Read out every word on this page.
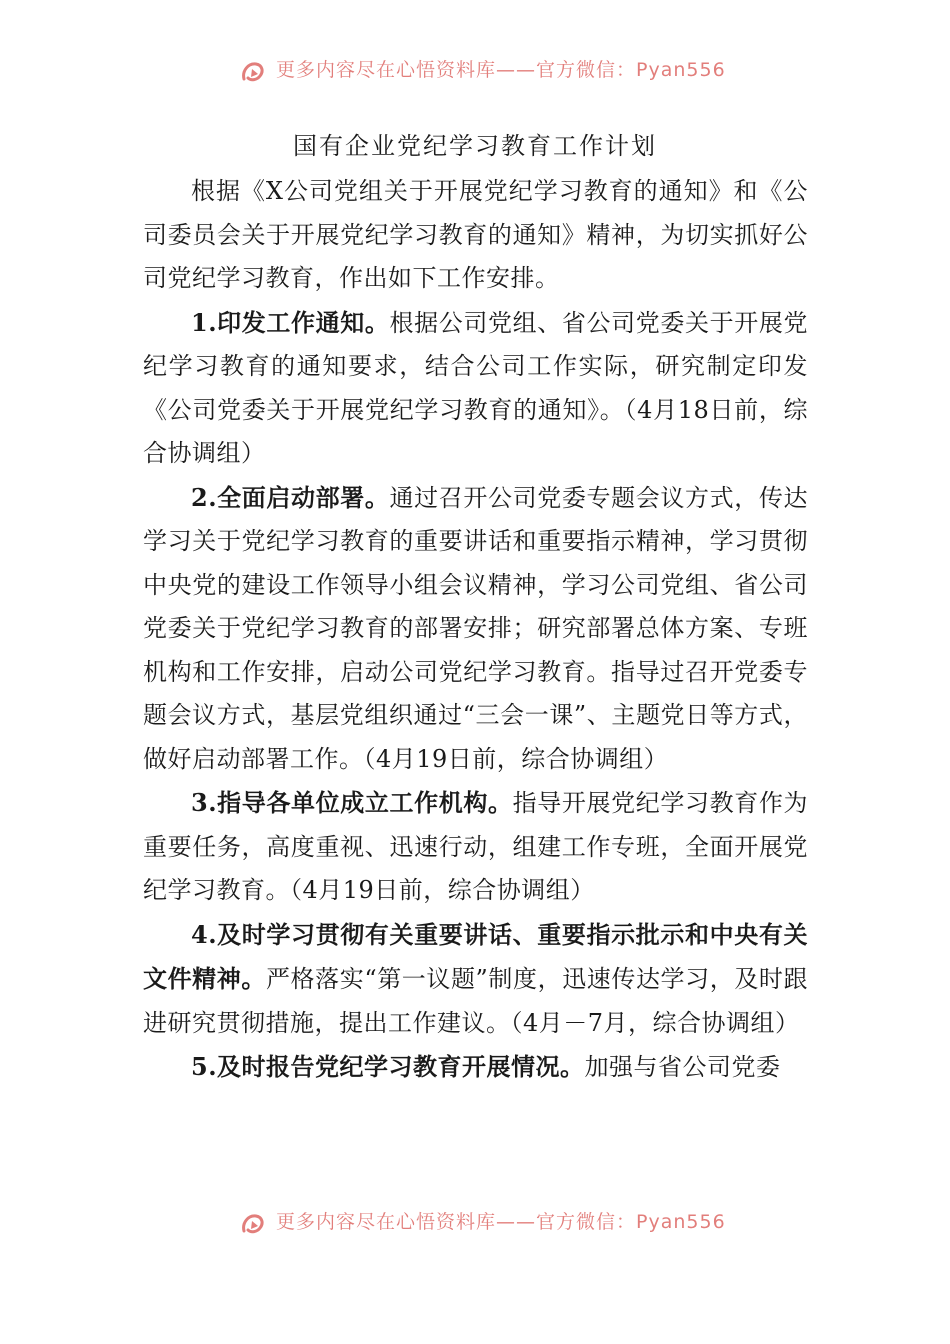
更多内容尽在心悟资料库——官方微信：Pyan556
国有企业党纪学习教育工作计划

根据《X公司党组关于开展党纪学习教育的通知》和《公司委员会关于开展党纪学习教育的通知》精神，为切实抓好公司党纪学习教育，作出如下工作安排。

1.印发工作通知。根据公司党组、省公司党委关于开展党纪学习教育的通知要求，结合公司工作实际，研究制定印发《公司党委关于开展党纪学习教育的通知》。（4月18日前，综合协调组）

2.全面启动部署。通过召开公司党委专题会议方式，传达学习关于党纪学习教育的重要讲话和重要指示精神，学习贯彻中央党的建设工作领导小组会议精神，学习公司党组、省公司党委关于党纪学习教育的部署安排；研究部署总体方案、专班机构和工作安排，启动公司党纪学习教育。指导过召开党委专题会议方式，基层党组织通过“三会一课”、主题党日等方式，做好启动部署工作。（4月19日前，综合协调组）

3.指导各单位成立工作机构。指导开展党纪学习教育作为重要任务，高度重视、迅速行动，组建工作专班，全面开展党纪学习教育。（4月19日前，综合协调组）

4.及时学习贯彻有关重要讲话、重要指示批示和中央有关文件精神。严格落实“第一议题”制度，迅速传达学习，及时跟进研究贯彻措施，提出工作建议。（4月－7月，综合协调组）

5.及时报告党纪学习教育开展情况。加强与省公司党委

更多内容尽在心悟资料库——官方微信：Pyan556
